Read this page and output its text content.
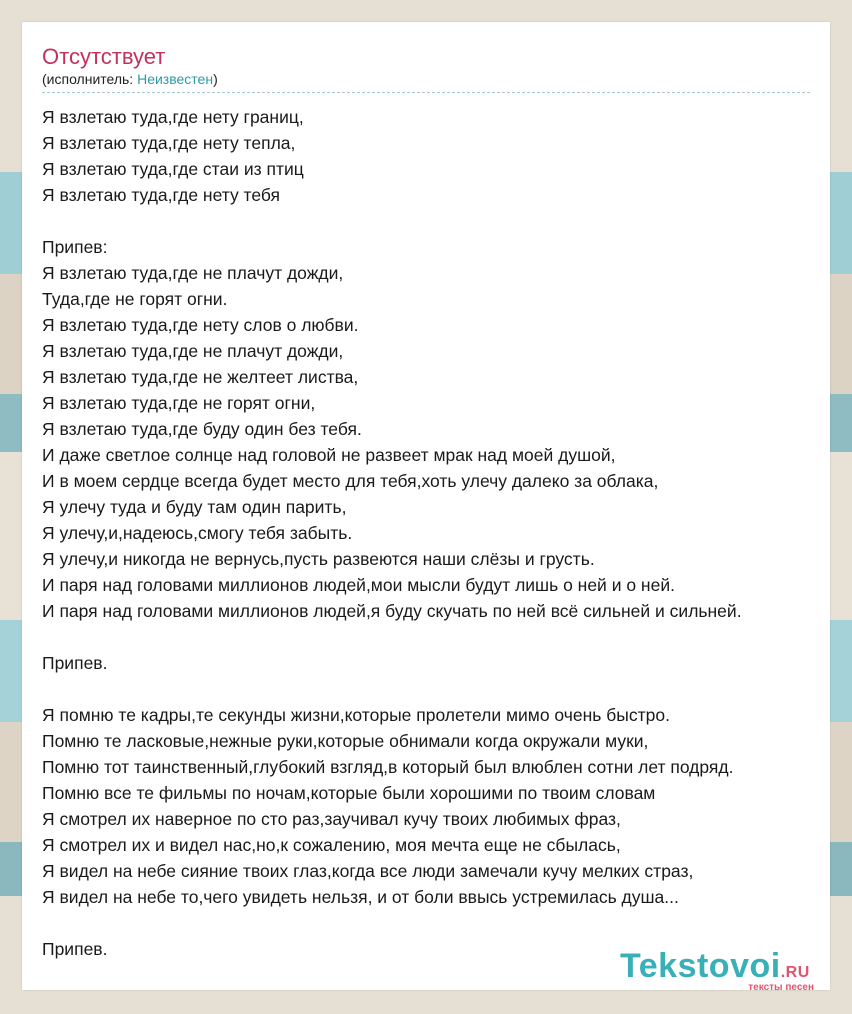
Отсутствует
(исполнитель: Неизвестен)
Я взлетаю туда,где нету границ,
Я взлетаю туда,где нету тепла,
Я взлетаю туда,где стаи из птиц
Я взлетаю туда,где нету тебя
Припев:
Я взлетаю туда,где не плачут дожди,
Туда,где не горят огни.
Я взлетаю туда,где нету слов о любви.
Я взлетаю туда,где не плачут дожди,
Я взлетаю туда,где не желтеет листва,
Я взлетаю туда,где не горят огни,
Я взлетаю туда,где буду один без тебя.
И даже светлое солнце над головой не развеет мрак над моей душой,
И в моем сердце всегда будет место для тебя,хоть улечу далеко за облака,
Я улечу туда и буду там один парить,
Я улечу,и,надеюсь,смогу тебя забыть.
Я улечу,и никогда не вернусь,пусть развеются наши слёзы и грусть.
И паря над головами миллионов людей,мои мысли будут лишь о ней и о ней.
И паря над головами миллионов людей,я буду скучать по ней всё сильней и сильней.
Припев.
Я помню те кадры,те секунды жизни,которые пролетели мимо очень быстро.
Помню те ласковые,нежные руки,которые обнимали когда окружали муки,
Помню тот таинственный,глубокий взгляд,в который был влюблен сотни лет подряд.
Помню все те фильмы по ночам,которые были хорошими по твоим словам
Я смотрел их наверное по сто раз,заучивал кучу твоих любимых фраз,
Я смотрел их и видел нас,но,к сожалению, моя мечта еще не сбылась,
Я видел на небе сияние твоих глаз,когда все люди замечали кучу мелких страз,
Я видел на небе то,чего увидеть нельзя, и от боли ввысь устремилась душа...
Припев.	Tekstovoi.RU
тексты песен
